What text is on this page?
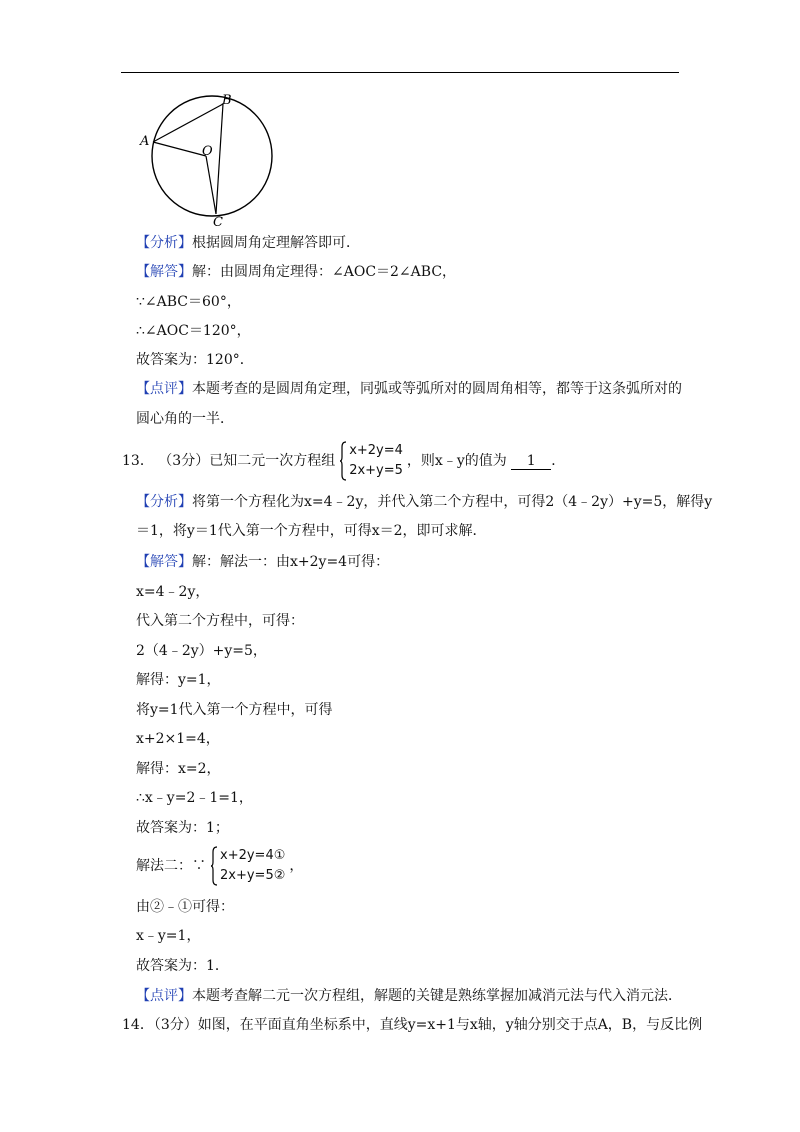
B
A
O
C
【分析】根据圆周角定理解答即可．
【解答】解：由圆周角定理得：∠AOC＝2∠ABC，
∵∠ABC＝60°，
∴∠AOC＝120°，
故答案为：120°．
【点评】本题考查的是圆周角定理，同弧或等弧所对的圆周角相等，都等于这条弧所对的
圆心角的一半．
13． （3分）已知二元一次方程组
x+2y=4
2x+y=5
，则x﹣y的值为 1 ．
【分析】将第一个方程化为x=4﹣2y，并代入第二个方程中，可得2（4﹣2y）+y=5，解得y
＝1，将y＝1代入第一个方程中，可得x＝2，即可求解．
【解答】解：解法一：由x+2y=4可得：
x=4﹣2y，
代入第二个方程中，可得：
2（4﹣2y）+y=5，
解得：y=1，
将y=1代入第一个方程中，可得
x+2×1=4，
解得：x=2，
∴x﹣y=2﹣1=1，
故答案为：1；
解法二：∵
x+2y=4①
2x+y=5②
，
由②﹣①可得：
x﹣y=1，
故答案为：1．
【点评】本题考查解二元一次方程组，解题的关键是熟练掌握加减消元法与代入消元法．
14．（3分）如图，在平面直角坐标系中，直线y=x+1与x轴，y轴分别交于点A，B，与反比例
